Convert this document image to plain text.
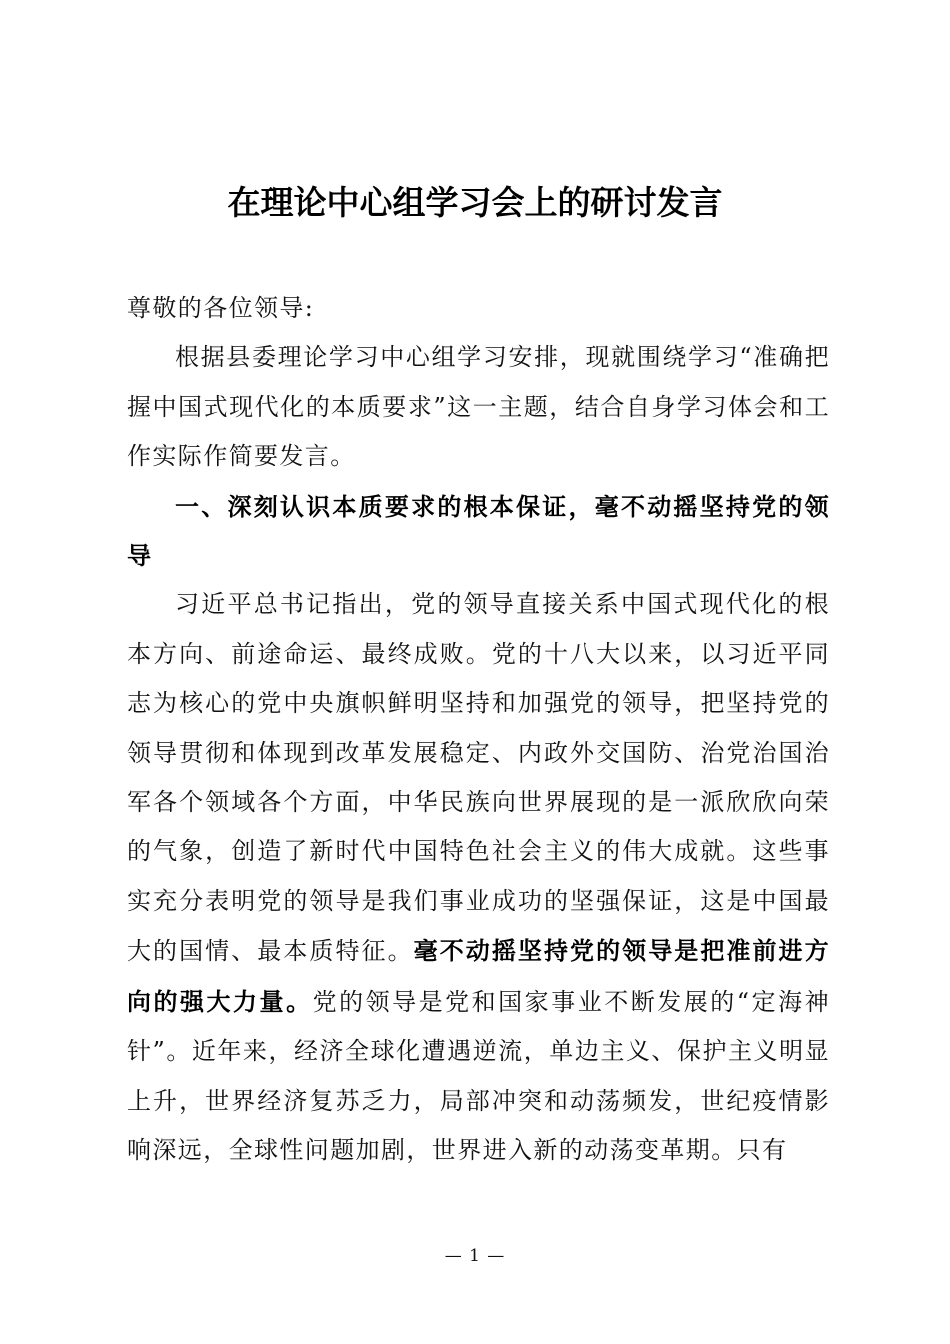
在理论中心组学习会上的研讨发言

尊敬的各位领导:

根据县委理论学习中心组学习安排，现就围绕学习“准确把握中国式现代化的本质要求”这一主题，结合自身学习体会和工作实际作简要发言。

一、深刻认识本质要求的根本保证，毫不动摇坚持党的领导

习近平总书记指出，党的领导直接关系中国式现代化的根本方向、前途命运、最终成败。党的十八大以来，以习近平同志为核心的党中央旗帜鲜明坚持和加强党的领导，把坚持党的领导贯彻和体现到改革发展稳定、内政外交国防、治党治国治军各个领域各个方面，中华民族向世界展现的是一派欣欣向荣的气象，创造了新时代中国特色社会主义的伟大成就。这些事实充分表明党的领导是我们事业成功的坚强保证，这是中国最大的国情、最本质特征。毫不动摇坚持党的领导是把准前进方向的强大力量。党的领导是党和国家事业不断发展的“定海神针”。近年来，经济全球化遭遇逆流，单边主义、保护主义明显上升，世界经济复苏乏力，局部冲突和动荡频发，世纪疫情影响深远，全球性问题加剧，世界进入新的动荡变革期。只有

— 1 —
